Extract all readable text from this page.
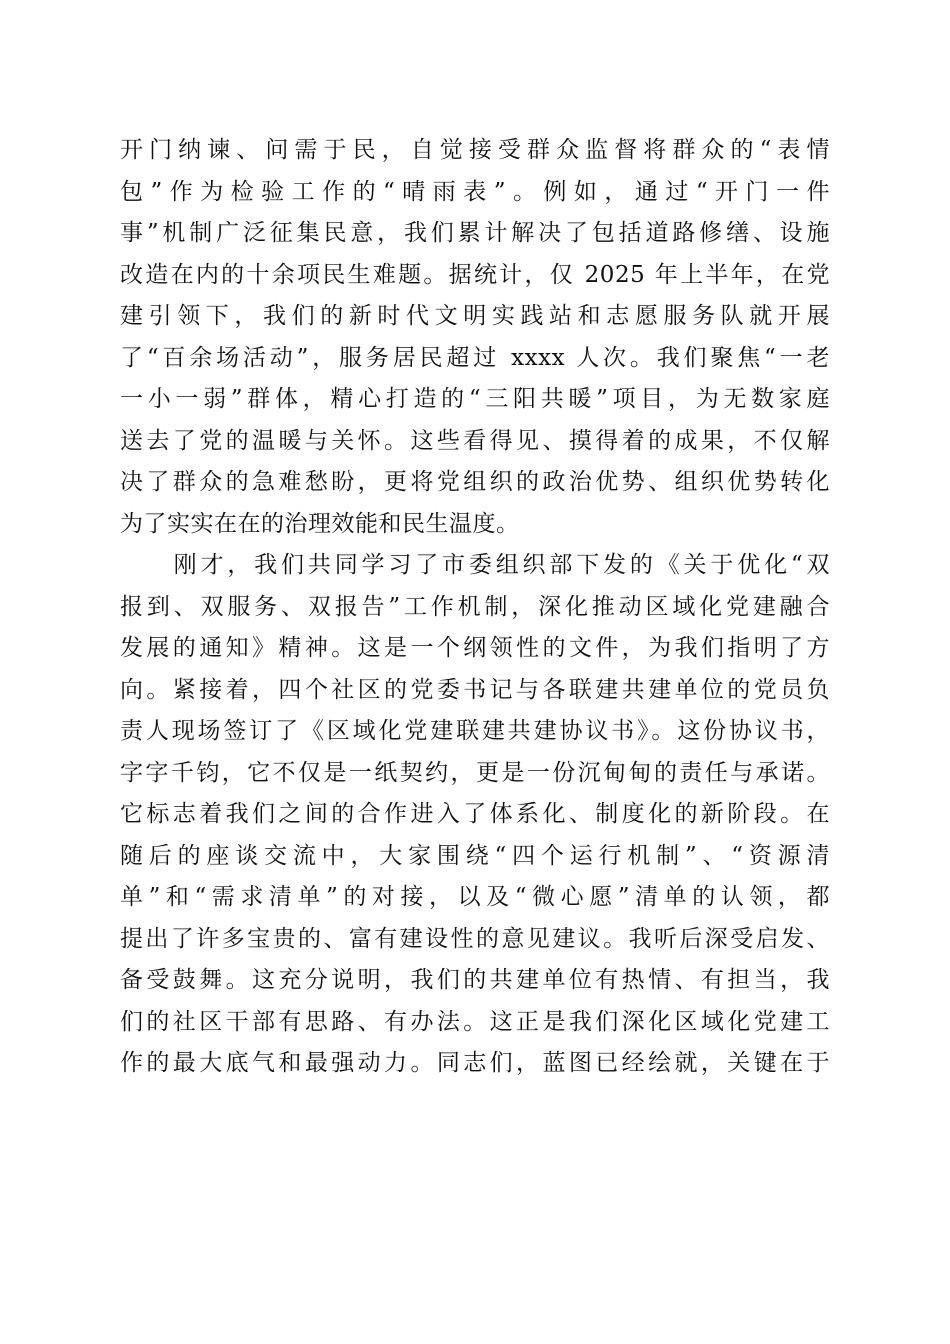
开门纳谏、问需于民，自觉接受群众监督将群众的“表情
包”作为检验工作的“晴雨表”。例如，通过“开门一件
事”机制广泛征集民意，我们累计解决了包括道路修缮、设施
改造在内的十余项民生难题。据统计，仅 2025 年上半年，在党
建引领下，我们的新时代文明实践站和志愿服务队就开展
了“百余场活动”，服务居民超过 xxxx 人次。我们聚焦“一老
一小一弱”群体，精心打造的“三阳共暖”项目，为无数家庭
送去了党的温暖与关怀。这些看得见、摸得着的成果，不仅解
决了群众的急难愁盼，更将党组织的政治优势、组织优势转化
为了实实在在的治理效能和民生温度。
　　刚才，我们共同学习了市委组织部下发的《关于优化“双
报到、双服务、双报告”工作机制，深化推动区域化党建融合
发展的通知》精神。这是一个纲领性的文件，为我们指明了方
向。紧接着，四个社区的党委书记与各联建共建单位的党员负
责人现场签订了《区域化党建联建共建协议书》。这份协议书，
字字千钧，它不仅是一纸契约，更是一份沉甸甸的责任与承诺。
它标志着我们之间的合作进入了体系化、制度化的新阶段。在
随后的座谈交流中，大家围绕“四个运行机制”、“资源清
单”和“需求清单”的对接，以及“微心愿”清单的认领，都
提出了许多宝贵的、富有建设性的意见建议。我听后深受启发、
备受鼓舞。这充分说明，我们的共建单位有热情、有担当，我
们的社区干部有思路、有办法。这正是我们深化区域化党建工
作的最大底气和最强动力。同志们，蓝图已经绘就，关键在于
